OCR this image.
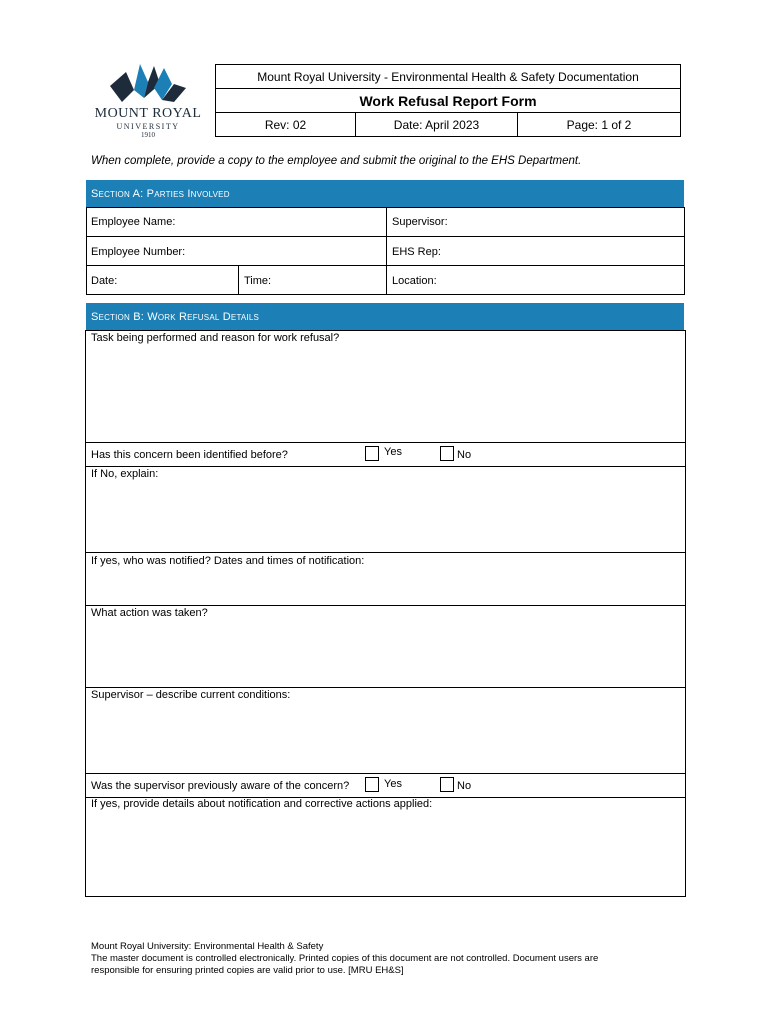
MOUNT ROYAL
UNIVERSITY
1910
Mount Royal University - Environmental Health & Safety Documentation
Work Refusal Report Form
Rev: 02	Date: April 2023	Page: 1 of 2
When complete, provide a copy to the employee and submit the original to the EHS Department.
Section A: Parties Involved
Employee Name:	Supervisor:
Employee Number:	EHS Rep:
Date:	Time:	Location:
Section B: Work Refusal Details
Task being performed and reason for work refusal?
Has this concern been identified before?	Yes	No
If No, explain:
If yes, who was notified? Dates and times of notification:
What action was taken?
Supervisor – describe current conditions:
Was the supervisor previously aware of the concern?	Yes	No
If yes, provide details about notification and corrective actions applied:
Mount Royal University: Environmental Health & Safety
The master document is controlled electronically. Printed copies of this document are not controlled. Document users are
responsible for ensuring printed copies are valid prior to use. [MRU EH&S]
